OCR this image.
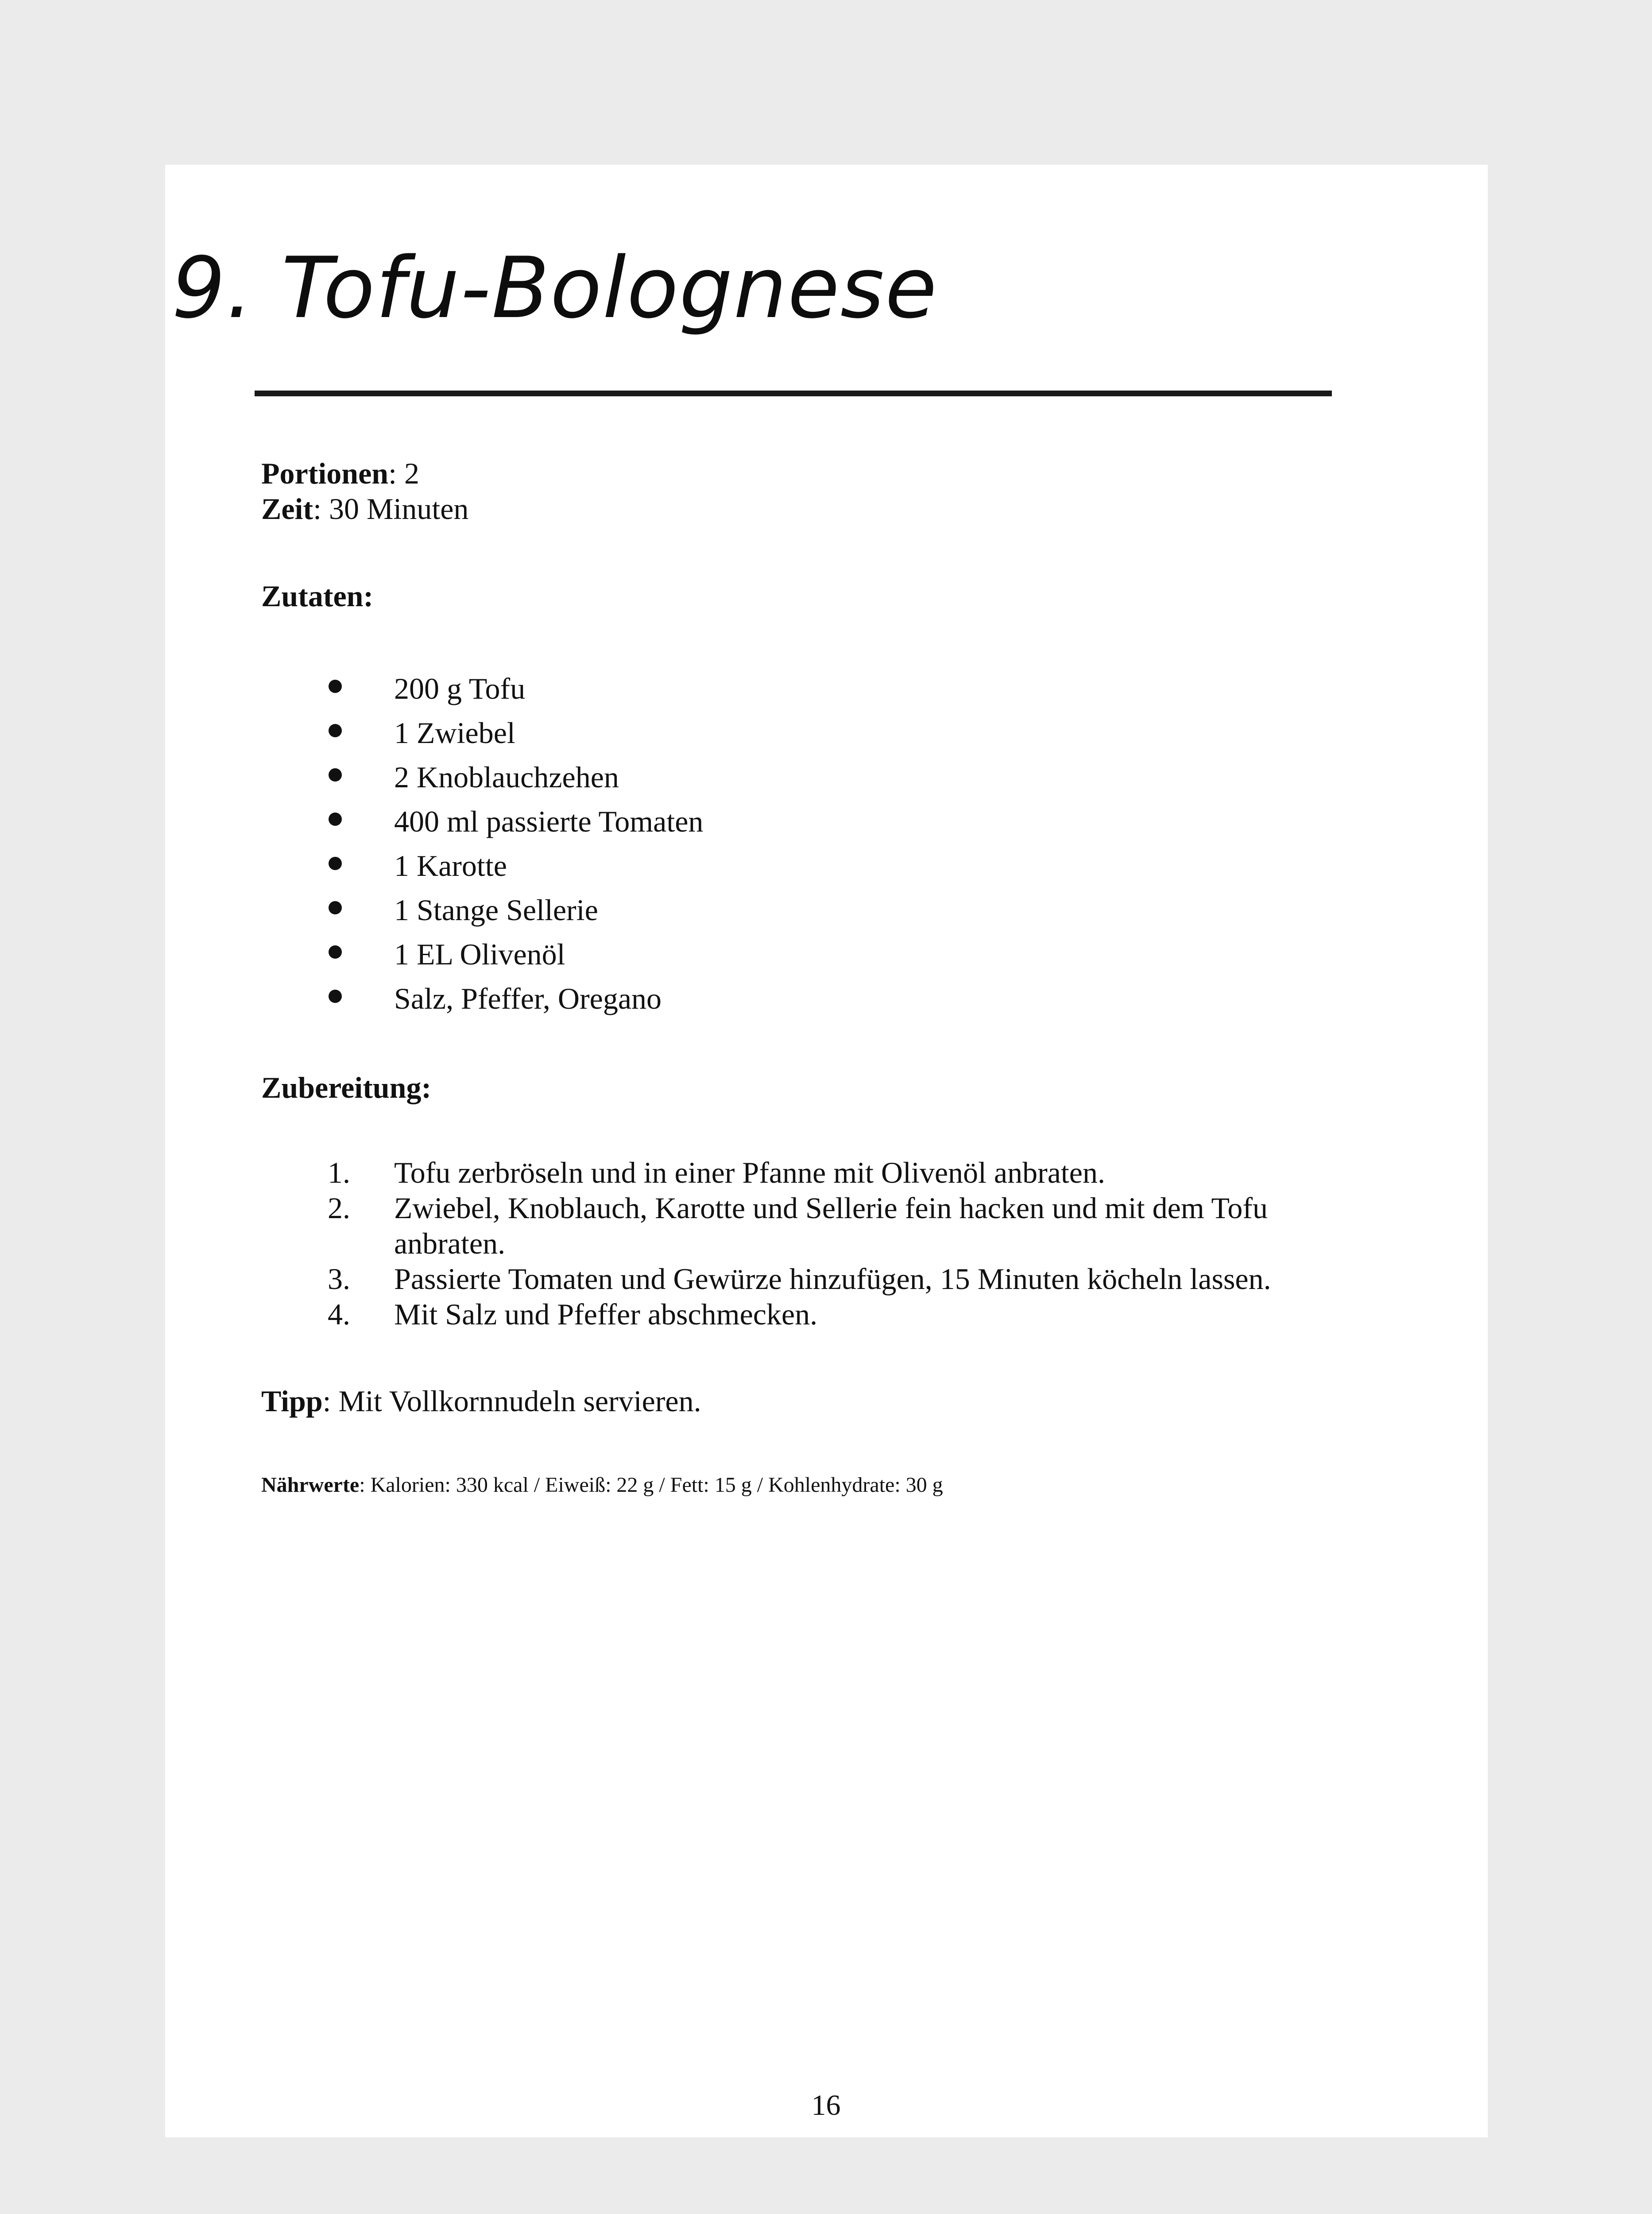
9. Tofu-Bolognese
Portionen: 2
Zeit: 30 Minuten
Zutaten:
200 g Tofu
1 Zwiebel
2 Knoblauchzehen
400 ml passierte Tomaten
1 Karotte
1 Stange Sellerie
1 EL Olivenöl
Salz, Pfeffer, Oregano
Zubereitung:
1. Tofu zerbröseln und in einer Pfanne mit Olivenöl anbraten.
2. Zwiebel, Knoblauch, Karotte und Sellerie fein hacken und mit dem Tofu anbraten.
3. Passierte Tomaten und Gewürze hinzufügen, 15 Minuten köcheln lassen.
4. Mit Salz und Pfeffer abschmecken.
Tipp: Mit Vollkornnudeln servieren.
Nährwerte: Kalorien: 330 kcal / Eiweiß: 22 g / Fett: 15 g / Kohlenhydrate: 30 g
16
